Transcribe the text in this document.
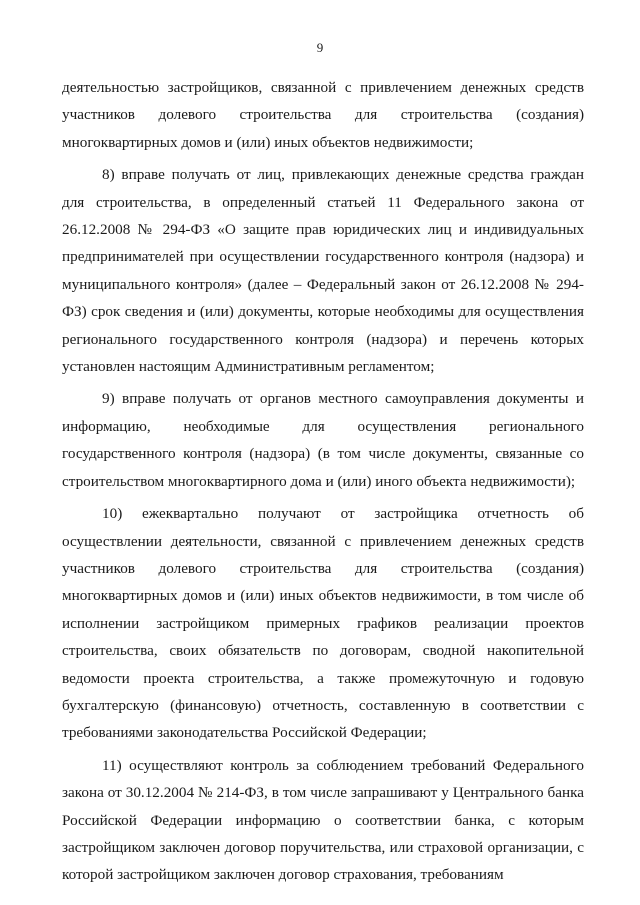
9

деятельностью застройщиков, связанной с привлечением денежных средств участников долевого строительства для строительства (создания) многоквартирных домов и (или) иных объектов недвижимости;

8) вправе получать от лиц, привлекающих денежные средства граждан для строительства, в определенный статьей 11 Федерального закона от 26.12.2008 № 294-ФЗ «О защите прав юридических лиц и индивидуальных предпринимателей при осуществлении государственного контроля (надзора) и муниципального контроля» (далее – Федеральный закон от 26.12.2008 № 294-ФЗ) срок сведения и (или) документы, которые необходимы для осуществления регионального государственного контроля (надзора) и перечень которых установлен настоящим Административным регламентом;

9) вправе получать от органов местного самоуправления документы и информацию, необходимые для осуществления регионального государственного контроля (надзора) (в том числе документы, связанные со строительством многоквартирного дома и (или) иного объекта недвижимости);

10) ежеквартально получают от застройщика отчетность об осуществлении деятельности, связанной с привлечением денежных средств участников долевого строительства для строительства (создания) многоквартирных домов и (или) иных объектов недвижимости, в том числе об исполнении застройщиком примерных графиков реализации проектов строительства, своих обязательств по договорам, сводной накопительной ведомости проекта строительства, а также промежуточную и годовую бухгалтерскую (финансовую) отчетность, составленную в соответствии с требованиями законодательства Российской Федерации;

11) осуществляют контроль за соблюдением требований Федерального закона от 30.12.2004 № 214-ФЗ, в том числе запрашивают у Центрального банка Российской Федерации информацию о соответствии банка, с которым застройщиком заключен договор поручительства, или страховой организации, с которой застройщиком заключен договор страхования, требованиям
